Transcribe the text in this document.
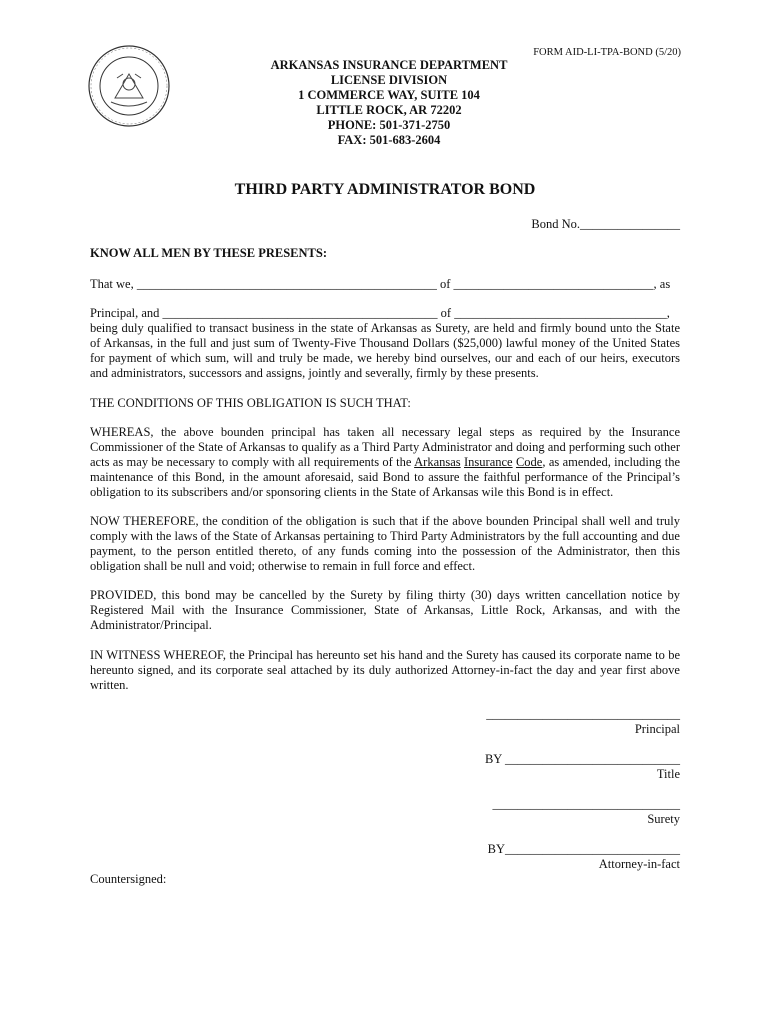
FORM AID-LI-TPA-BOND (5/20)
ARKANSAS INSURANCE DEPARTMENT
LICENSE DIVISION
1 COMMERCE WAY, SUITE 104
LITTLE ROCK, AR 72202
PHONE: 501-371-2750
FAX: 501-683-2604
THIRD PARTY ADMINISTRATOR BOND
Bond No.________________
KNOW ALL MEN BY THESE PRESENTS:
That we, ________________________________________________ of ________________________________, as
Principal, and ____________________________________________ of __________________________________,
being duly qualified to transact business in the state of Arkansas as Surety, are held and firmly bound unto the State of Arkansas, in the full and just sum of Twenty-Five Thousand Dollars ($25,000) lawful money of the United States for payment of which sum, will and truly be made, we hereby bind ourselves, our and each of our heirs, executors and administrators, successors and assigns, jointly and severally, firmly by these presents.
THE CONDITIONS OF THIS OBLIGATION IS SUCH THAT:
WHEREAS, the above bounden principal has taken all necessary legal steps as required by the Insurance Commissioner of the State of Arkansas to qualify as a Third Party Administrator and doing and performing such other acts as may be necessary to comply with all requirements of the Arkansas Insurance Code, as amended, including the maintenance of this Bond, in the amount aforesaid, said Bond to assure the faithful performance of the Principal’s obligation to its subscribers and/or sponsoring clients in the State of Arkansas wile this Bond is in effect.
NOW THEREFORE, the condition of the obligation is such that if the above bounden Principal shall well and truly comply with the laws of the State of Arkansas pertaining to Third Party Administrators by the full accounting and due payment, to the person entitled thereto, of any funds coming into the possession of the Administrator, then this obligation shall be null and void; otherwise to remain in full force and effect.
PROVIDED, this bond may be cancelled by the Surety by filing thirty (30) days written cancellation notice by Registered Mail with the Insurance Commissioner, State of Arkansas, Little Rock, Arkansas, and with the Administrator/Principal.
IN WITNESS WHEREOF, the Principal has hereunto set his hand and the Surety has caused its corporate name to be hereunto signed, and its corporate seal attached by its duly authorized Attorney-in-fact the day and year first above written.
_______________________________
Principal
BY ____________________________
Title
______________________________
Surety
BY____________________________
Attorney-in-fact
Countersigned:
